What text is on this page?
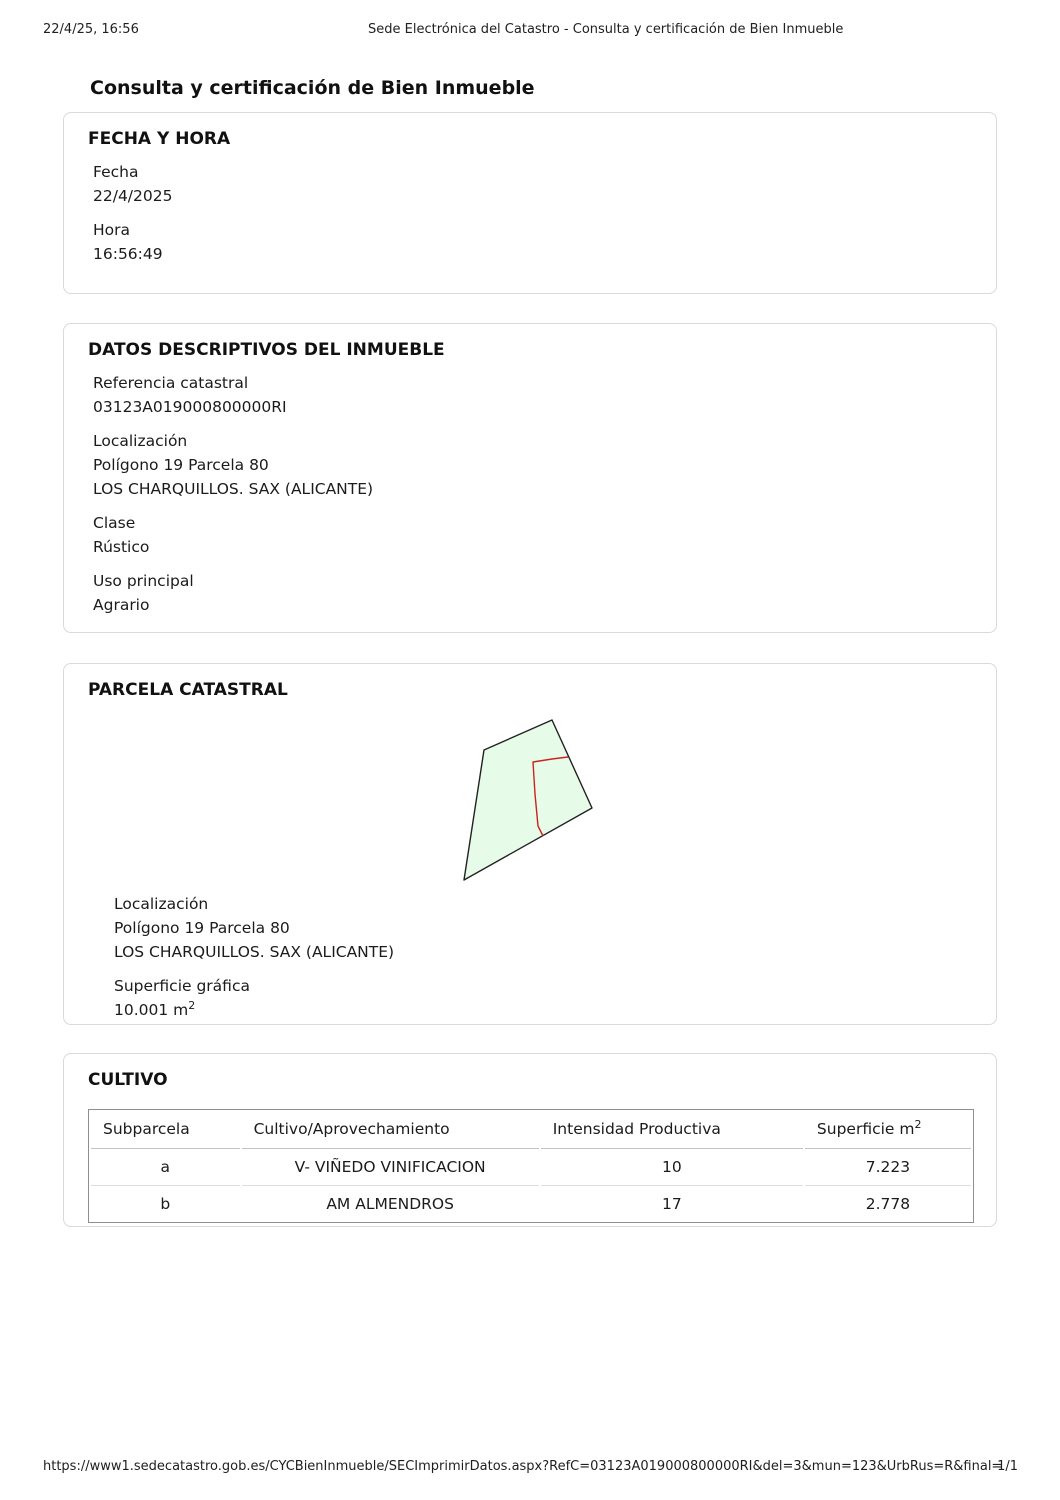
22/4/25, 16:56	Sede Electrónica del Catastro - Consulta y certificación de Bien Inmueble
Consulta y certificación de Bien Inmueble
FECHA Y HORA
Fecha
22/4/2025
Hora
16:56:49
DATOS DESCRIPTIVOS DEL INMUEBLE
Referencia catastral
03123A019000800000RI
Localización
Polígono 19 Parcela 80
LOS CHARQUILLOS. SAX (ALICANTE)
Clase
Rústico
Uso principal
Agrario
PARCELA CATASTRAL
Localización
Polígono 19 Parcela 80
LOS CHARQUILLOS. SAX (ALICANTE)
Superficie gráfica
10.001 $m^2$
CULTIVO
Subparcela	Cultivo/Aprovechamiento	Intensidad Productiva	Superficie $m^2$
a	V- VIÑEDO VINIFICACION	10	7.223
b	AM ALMENDROS	17	2.778
https://www1.sedecatastro.gob.es/CYCBienInmueble/SECImprimirDatos.aspx?RefC=03123A019000800000RI&del=3&mun=123&UrbRus=R&final=
1/1
